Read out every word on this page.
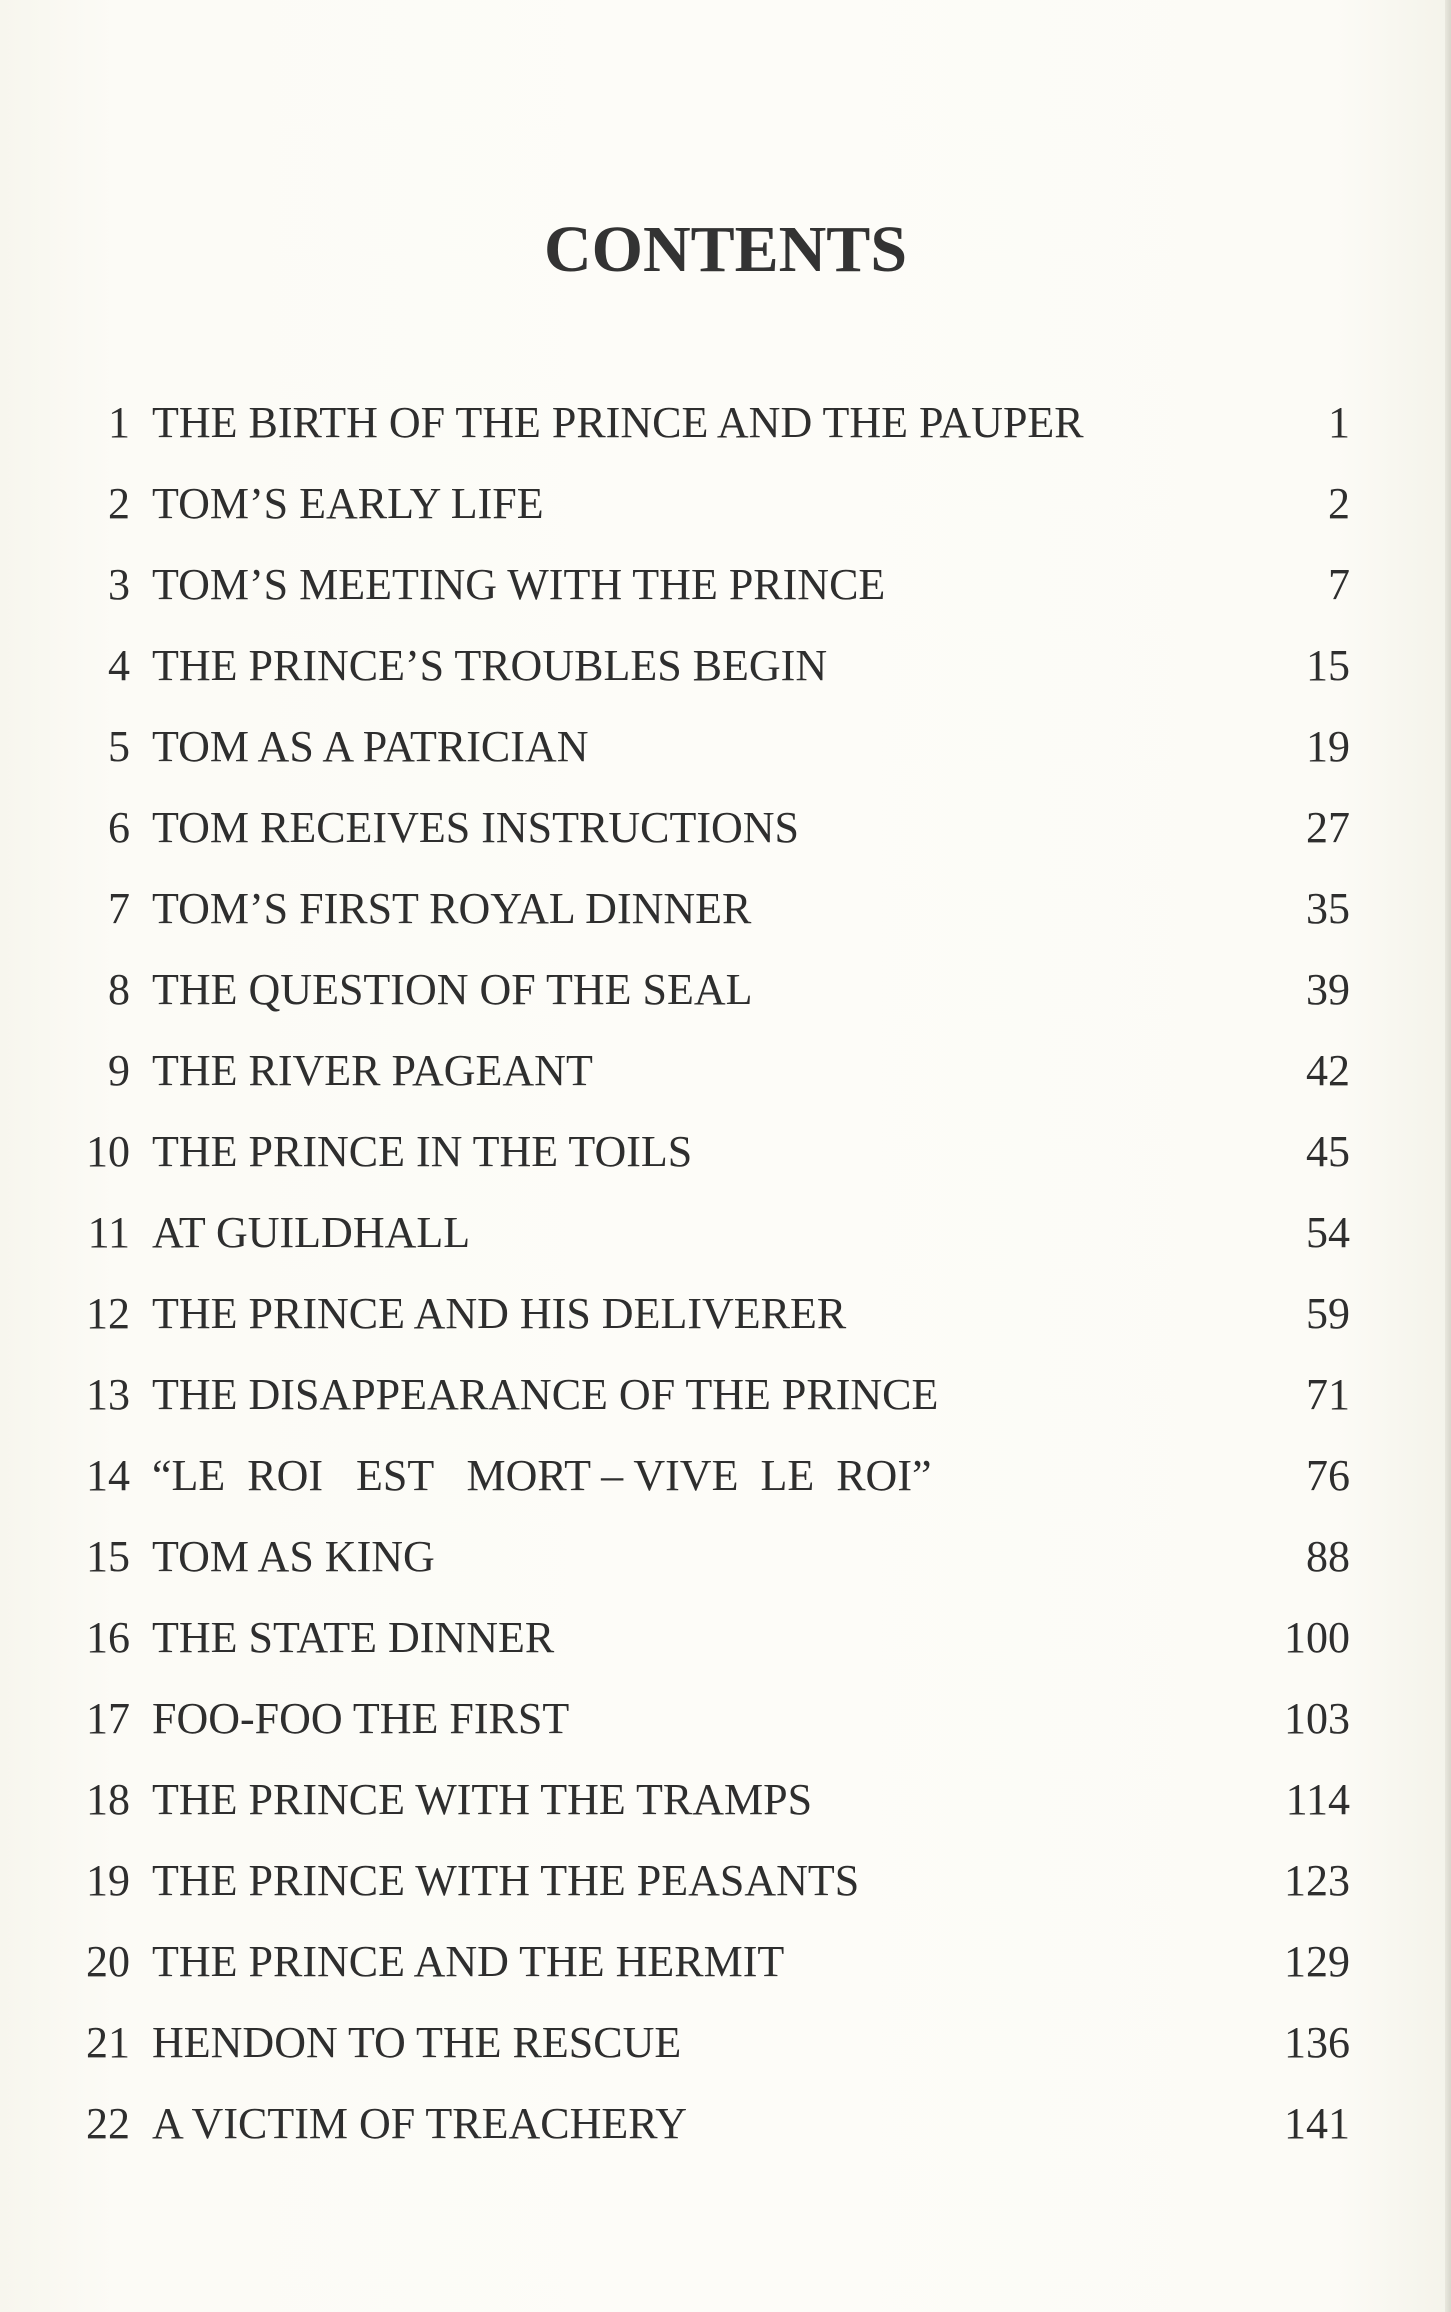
CONTENTS
1 THE BIRTH OF THE PRINCE AND THE PAUPER	1
2 TOM’S EARLY LIFE	2
3 TOM’S MEETING WITH THE PRINCE	7
4 THE PRINCE’S TROUBLES BEGIN	15
5 TOM AS A PATRICIAN	19
6 TOM RECEIVES INSTRUCTIONS	27
7 TOM’S FIRST ROYAL DINNER	35
8 THE QUESTION OF THE SEAL	39
9 THE RIVER PAGEANT	42
10 THE PRINCE IN THE TOILS	45
11 AT GUILDHALL	54
12 THE PRINCE AND HIS DELIVERER	59
13 THE DISAPPEARANCE OF THE PRINCE	71
14 “LE  ROI   EST   MORT – VIVE  LE  ROI”	76
15 TOM AS KING	88
16 THE STATE DINNER	100
17 FOO-FOO THE FIRST	103
18 THE PRINCE WITH THE TRAMPS	114
19 THE PRINCE WITH THE PEASANTS	123
20 THE PRINCE AND THE HERMIT	129
21 HENDON TO THE RESCUE	136
22 A VICTIM OF TREACHERY	141
